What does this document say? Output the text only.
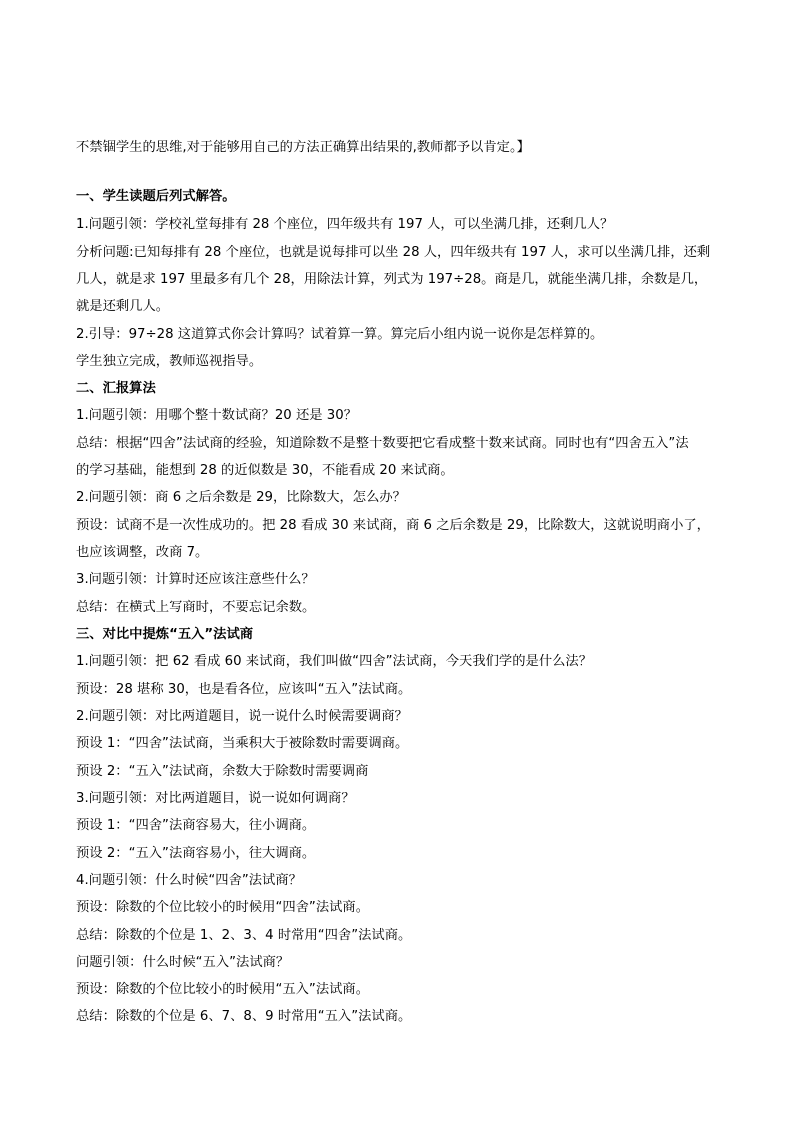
不禁锢学生的思维,对于能够用自己的方法正确算出结果的,教师都予以肯定。】
一、学生读题后列式解答。
1.问题引领：学校礼堂每排有 28 个座位，四年级共有 197 人，可以坐满几排，还剩几人？
分析问题:已知每排有 28 个座位，也就是说每排可以坐 28 人，四年级共有 197 人，求可以坐满几排，还剩
几人，就是求 197 里最多有几个 28，用除法计算，列式为 197÷28。商是几，就能坐满几排，余数是几，
就是还剩几人。
2.引导：97÷28 这道算式你会计算吗？试着算一算。算完后小组内说一说你是怎样算的。
学生独立完成，教师巡视指导。
二、汇报算法
1.问题引领：用哪个整十数试商？20 还是 30？
总结：根据“四舍”法试商的经验，知道除数不是整十数要把它看成整十数来试商。同时也有“四舍五入”法
的学习基础，能想到 28 的近似数是 30，不能看成 20 来试商。
2.问题引领：商 6 之后余数是 29，比除数大，怎么办？
预设：试商不是一次性成功的。把 28 看成 30 来试商，商 6 之后余数是 29，比除数大，这就说明商小了，
也应该调整，改商 7。
3.问题引领：计算时还应该注意些什么？
总结：在横式上写商时，不要忘记余数。
三、对比中提炼“五入”法试商
1.问题引领：把 62 看成 60 来试商，我们叫做“四舍”法试商，今天我们学的是什么法？
预设：28 堪称 30，也是看各位，应该叫“五入”法试商。
2.问题引领：对比两道题目，说一说什么时候需要调商？
预设 1：“四舍”法试商，当乘积大于被除数时需要调商。
预设 2：“五入”法试商，余数大于除数时需要调商
3.问题引领：对比两道题目，说一说如何调商？
预设 1：“四舍”法商容易大，往小调商。
预设 2：“五入”法商容易小，往大调商。
4.问题引领：什么时候“四舍”法试商？
预设：除数的个位比较小的时候用“四舍”法试商。
总结：除数的个位是 1、2、3、4 时常用“四舍”法试商。
问题引领：什么时候“五入”法试商？
预设：除数的个位比较小的时候用“五入”法试商。
总结：除数的个位是 6、7、8、9 时常用“五入”法试商。
